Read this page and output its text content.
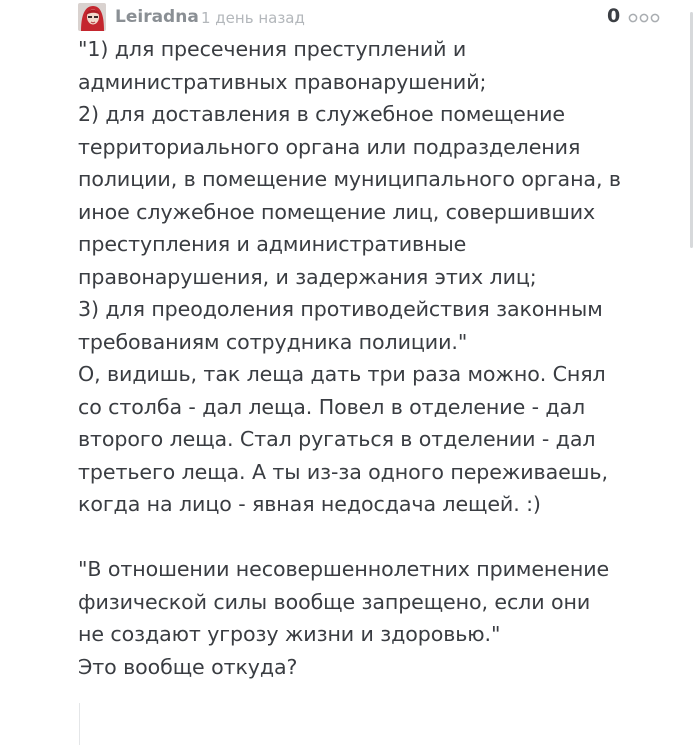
Leiradna 1 день назад	0
"1) для пресечения преступлений и
административных правонарушений;
2) для доставления в служебное помещение
территориального органа или подразделения
полиции, в помещение муниципального органа, в
иное служебное помещение лиц, совершивших
преступления и административные
правонарушения, и задержания этих лиц;
3) для преодоления противодействия законным
требованиям сотрудника полиции."
О, видишь, так леща дать три раза можно. Снял
со столба - дал леща. Повел в отделение - дал
второго леща. Стал ругаться в отделении - дал
третьего леща. А ты из-за одного переживаешь,
когда на лицо - явная недосдача лещей. :)
"В отношении несовершеннолетних применение
физической силы вообще запрещено, если они
не создают угрозу жизни и здоровью."
Это вообще откуда?
